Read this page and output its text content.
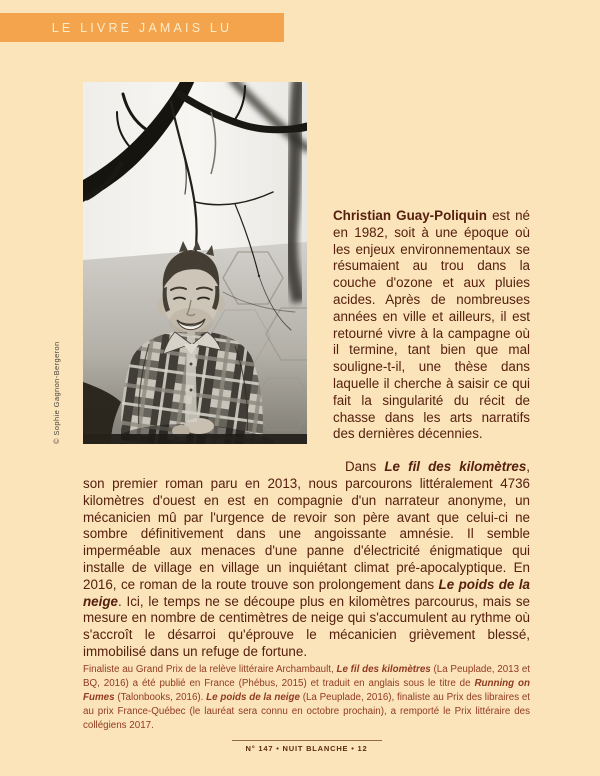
LE LIVRE JAMAIS LU

Christian Guay-Poliquin est né en 1982, soit à une époque où les enjeux environnementaux se résumaient au trou dans la couche d'ozone et aux pluies acides. Après de nombreuses années en ville et ailleurs, il est retourné vivre à la campagne où il termine, tant bien que mal souligne-t-il, une thèse dans laquelle il cherche à saisir ce qui fait la singularité du récit de chasse dans les arts narratifs des dernières décennies.

Dans Le fil des kilomètres, son premier roman paru en 2013, nous parcourons littéralement 4736 kilomètres d'ouest en est en compagnie d'un narrateur anonyme, un mécanicien mû par l'urgence de revoir son père avant que celui-ci ne sombre définitivement dans une angoissante amnésie. Il semble imperméable aux menaces d'une panne d'électricité énigmatique qui installe de village en village un inquiétant climat pré-apocalyptique. En 2016, ce roman de la route trouve son prolongement dans Le poids de la neige. Ici, le temps ne se découpe plus en kilomètres parcourus, mais se mesure en nombre de centimètres de neige qui s'accumulent au rythme où s'accroît le désarroi qu'éprouve le mécanicien grièvement blessé, immobilisé dans un refuge de fortune.

© Sophie Gagnon-Bergeron
Finaliste au Grand Prix de la relève littéraire Archambault, Le fil des kilomètres (La Peuplade, 2013 et BQ, 2016) a été publié en France (Phébus, 2015) et traduit en anglais sous le titre de Running on Fumes (Talonbooks, 2016). Le poids de la neige (La Peuplade, 2016), finaliste au Prix des libraires et au prix France-Québec (le lauréat sera connu en octobre prochain), a remporté le Prix littéraire des collégiens 2017.
N° 147 • NUIT BLANCHE • 12
